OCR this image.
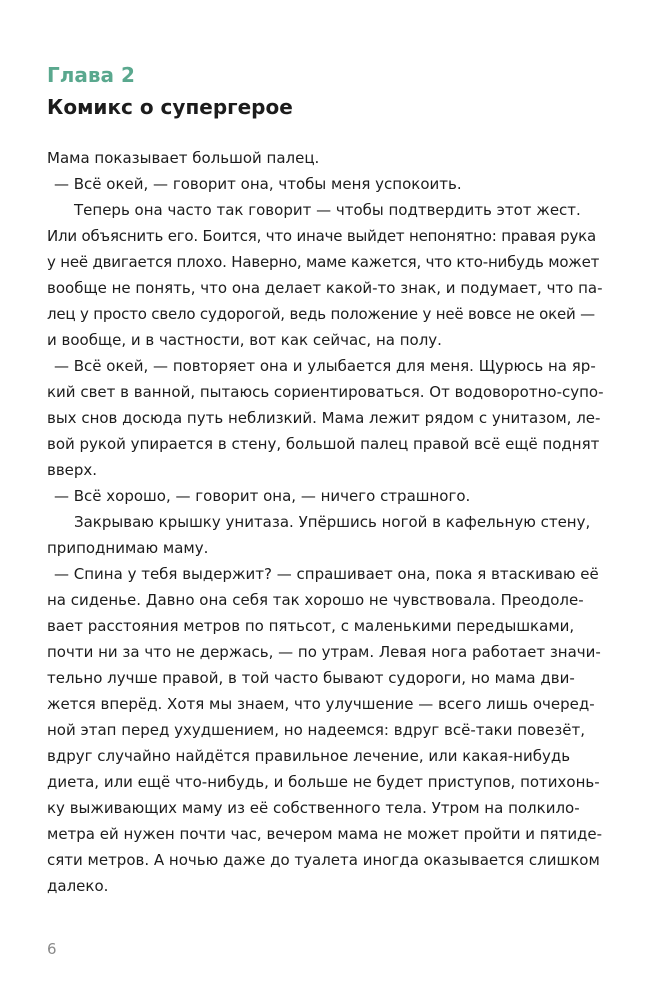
Глава 2
Комикс о супергерое
Мама показывает большой палец.
— Всё окей, — говорит она, чтобы меня успокоить.
Теперь она часто так говорит — чтобы подтвердить этот жест.
Или объяснить его. Боится, что иначе выйдет непонятно: правая рука
у неё двигается плохо. Наверно, маме кажется, что кто-нибудь может
вообще не понять, что она делает какой-то знак, и подумает, что па-
лец у просто свело судорогой, ведь положение у неё вовсе не окей —
и вообще, и в частности, вот как сейчас, на полу.
— Всё окей, — повторяет она и улыбается для меня. Щурюсь на яр-
кий свет в ванной, пытаюсь сориентироваться. От водоворотно-супо-
вых снов досюда путь неблизкий. Мама лежит рядом с унитазом, ле-
вой рукой упирается в стену, большой палец правой всё ещё поднят
вверх.
— Всё хорошо, — говорит она, — ничего страшного.
Закрываю крышку унитаза. Упёршись ногой в кафельную стену,
приподнимаю маму.
— Спина у тебя выдержит? — спрашивает она, пока я втаскиваю её
на сиденье. Давно она себя так хорошо не чувствовала. Преодоле-
вает расстояния метров по пятьсот, с маленькими передышками,
почти ни за что не держась, — по утрам. Левая нога работает значи-
тельно лучше правой, в той часто бывают судороги, но мама дви-
жется вперёд. Хотя мы знаем, что улучшение — всего лишь очеред-
ной этап перед ухудшением, но надеемся: вдруг всё-таки повезёт,
вдруг случайно найдётся правильное лечение, или какая-нибудь
диета, или ещё что-нибудь, и больше не будет приступов, потихонь-
ку выживающих маму из её собственного тела. Утром на полкило-
метра ей нужен почти час, вечером мама не может пройти и пятиде-
сяти метров. А ночью даже до туалета иногда оказывается слишком
далеко.
6
